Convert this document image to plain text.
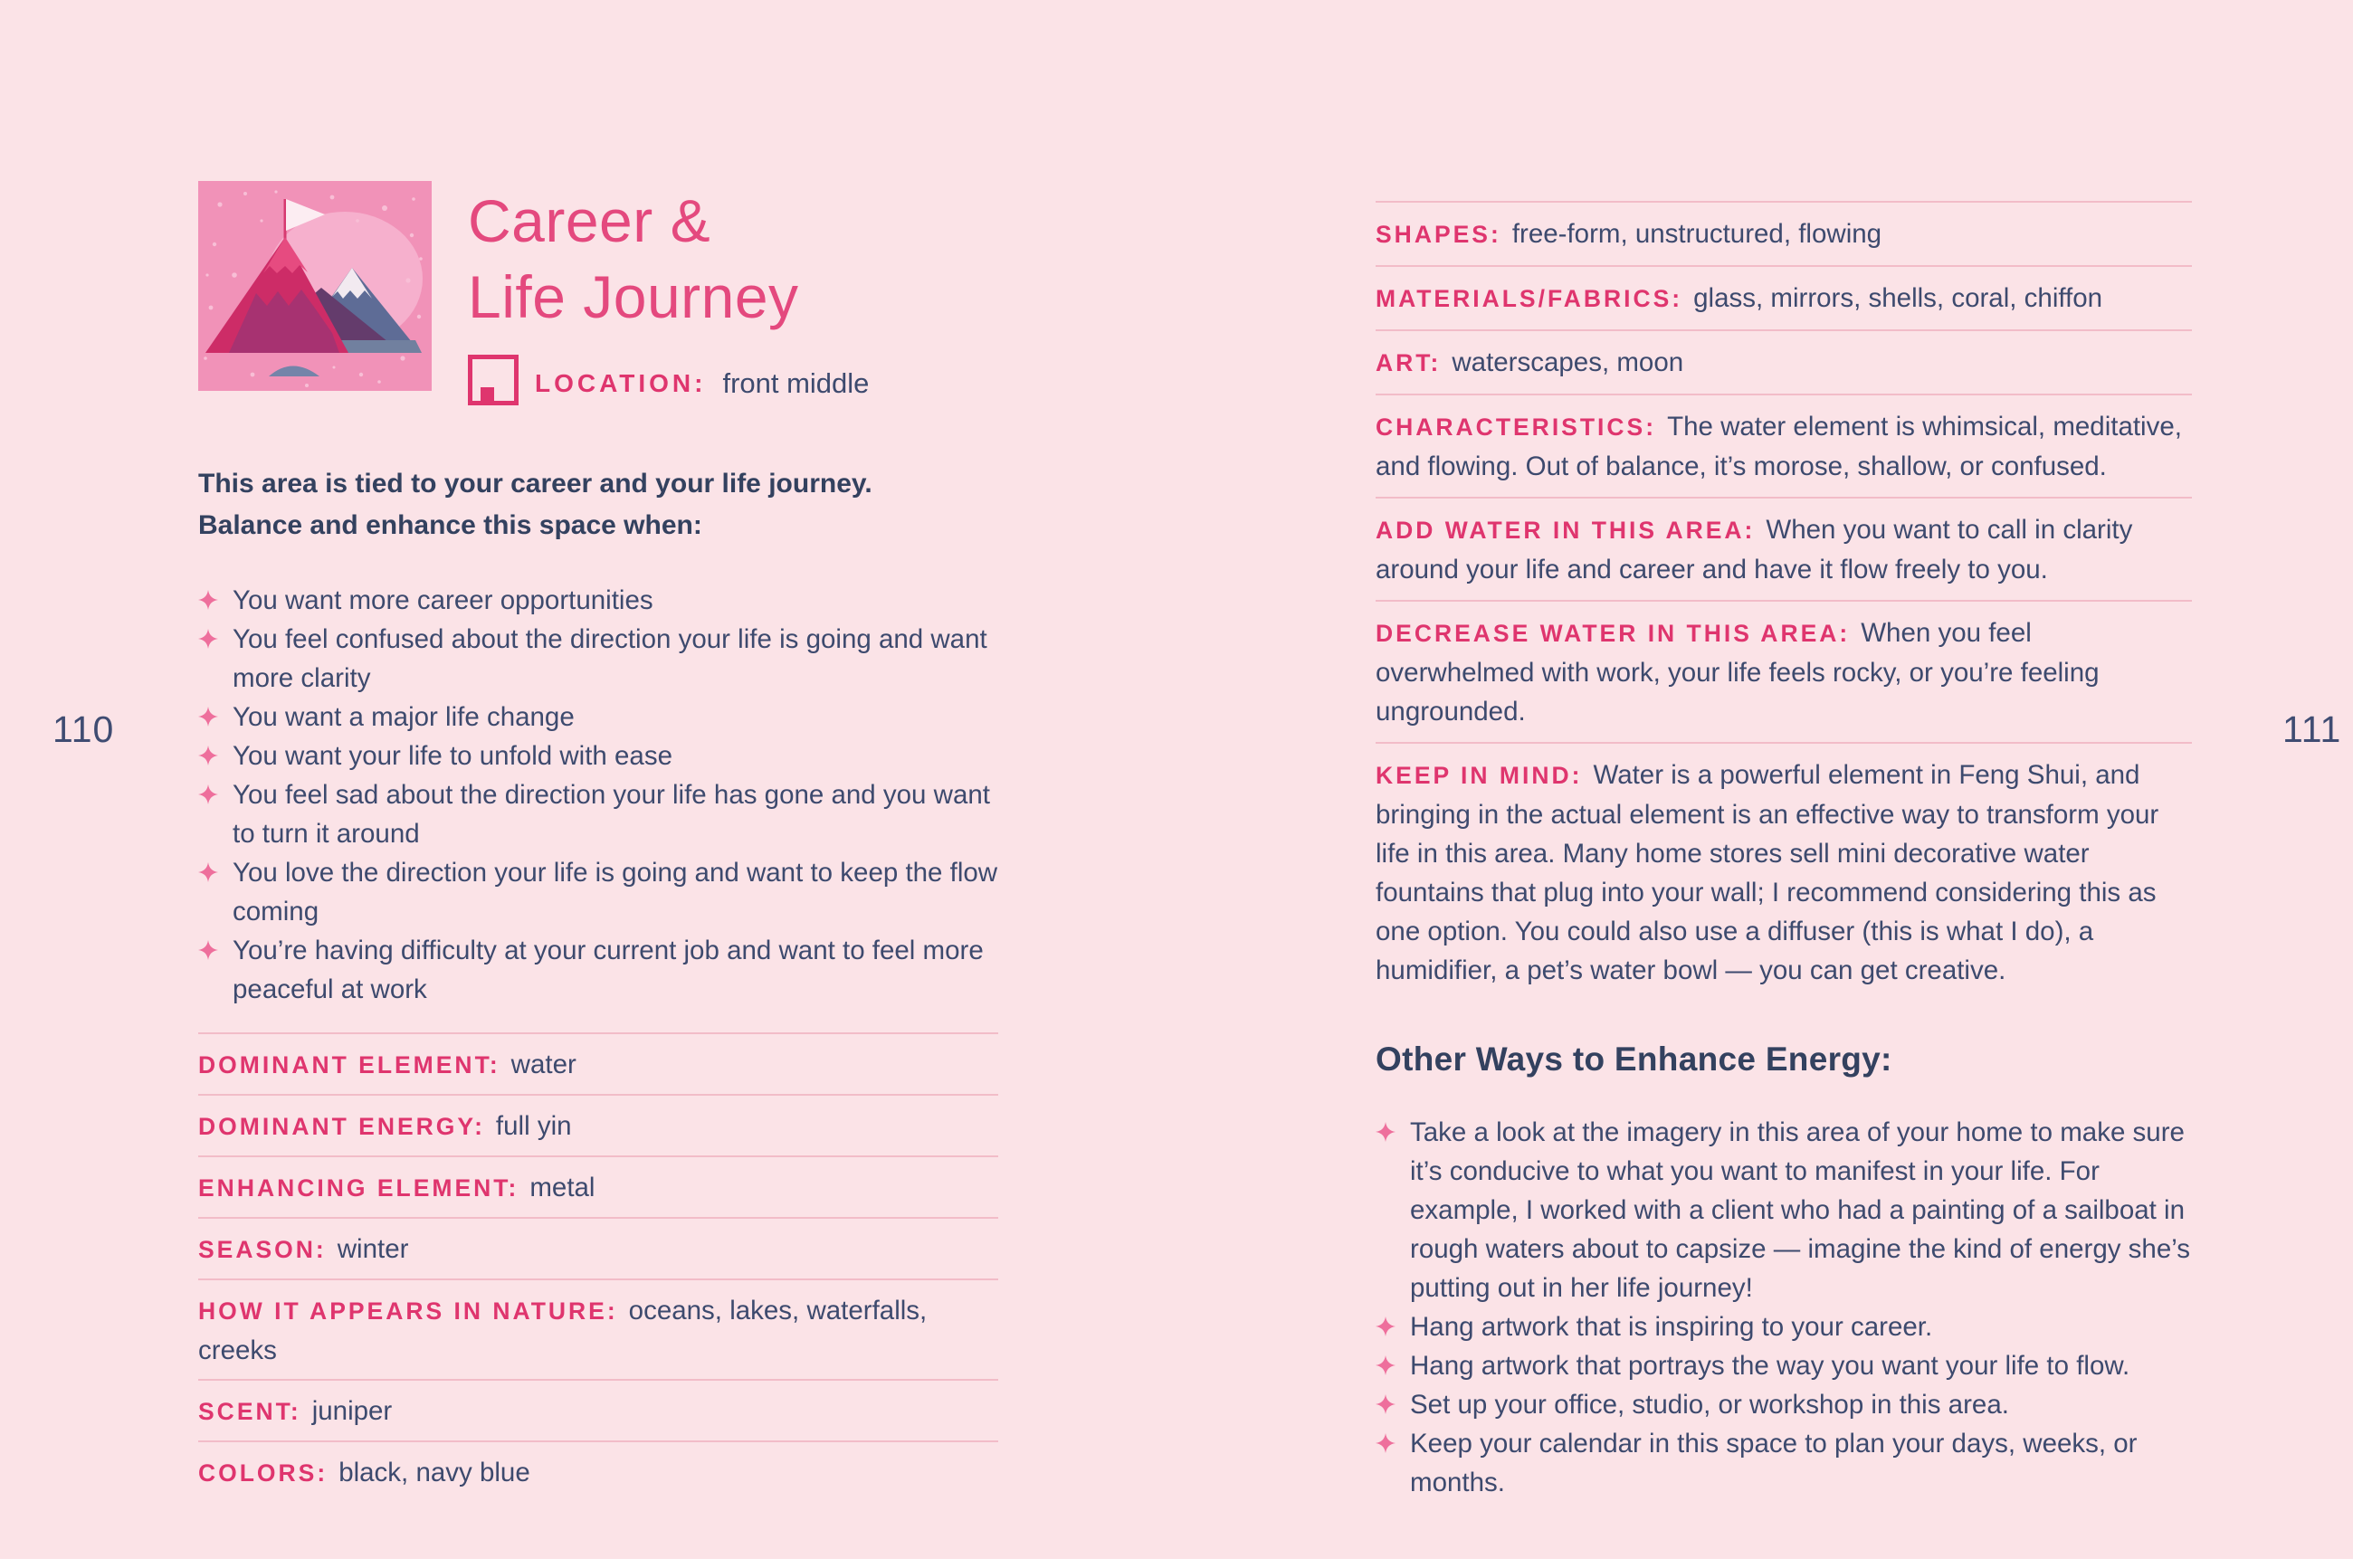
110	111
Career &
Life Journey
LOCATION: front middle
This area is tied to your career and your life journey.
Balance and enhance this space when:
You want more career opportunities
You feel confused about the direction your life is going and want more clarity
You want a major life change
You want your life to unfold with ease
You feel sad about the direction your life has gone and you want to turn it around
You love the direction your life is going and want to keep the flow coming
You’re having difficulty at your current job and want to feel more peaceful at work
DOMINANT ELEMENT: water
DOMINANT ENERGY: full yin
ENHANCING ELEMENT: metal
SEASON: winter
HOW IT APPEARS IN NATURE: oceans, lakes, waterfalls, creeks
SCENT: juniper
COLORS: black, navy blue
SHAPES: free-form, unstructured, flowing
MATERIALS/FABRICS: glass, mirrors, shells, coral, chiffon
ART: waterscapes, moon
CHARACTERISTICS: The water element is whimsical, meditative, and flowing. Out of balance, it’s morose, shallow, or confused.
ADD WATER IN THIS AREA: When you want to call in clarity around your life and career and have it flow freely to you.
DECREASE WATER IN THIS AREA: When you feel overwhelmed with work, your life feels rocky, or you’re feeling ungrounded.
KEEP IN MIND: Water is a powerful element in Feng Shui, and bringing in the actual element is an effective way to transform your life in this area. Many home stores sell mini decorative water fountains that plug into your wall; I recommend considering this as one option. You could also use a diffuser (this is what I do), a humidifier, a pet’s water bowl — you can get creative.
Other Ways to Enhance Energy:
Take a look at the imagery in this area of your home to make sure it’s conducive to what you want to manifest in your life. For example, I worked with a client who had a painting of a sailboat in rough waters about to capsize — imagine the kind of energy she’s putting out in her life journey!
Hang artwork that is inspiring to your career.
Hang artwork that portrays the way you want your life to flow.
Set up your office, studio, or workshop in this area.
Keep your calendar in this space to plan your days, weeks, or months.
